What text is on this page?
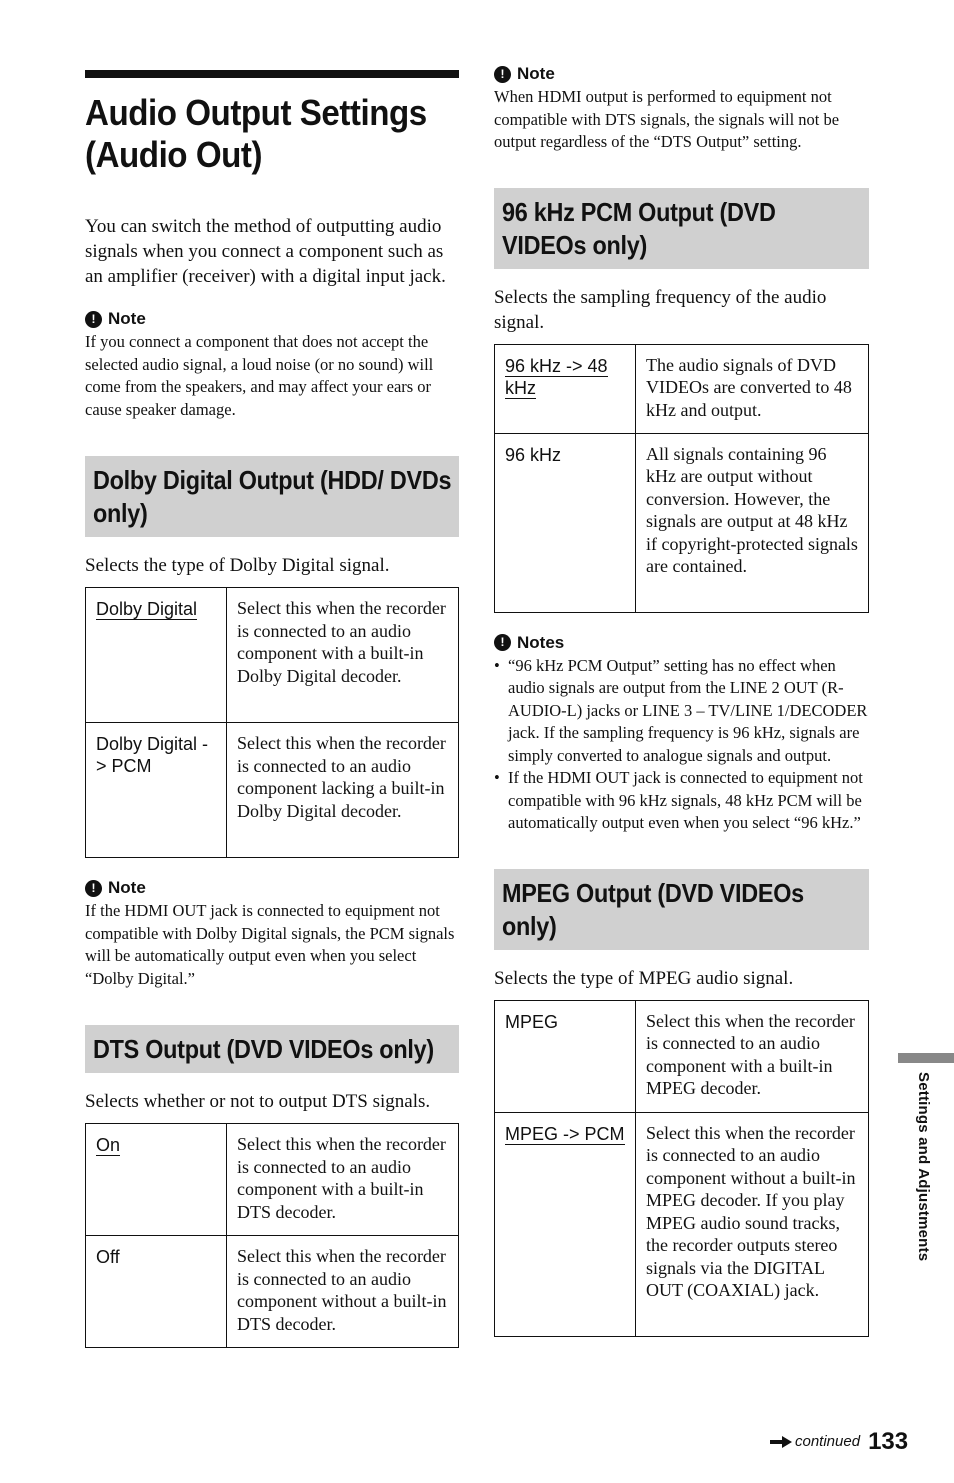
Audio Output Settings (Audio Out)

You can switch the method of outputting audio signals when you connect a component such as an amplifier (receiver) with a digital input jack.

! Note
If you connect a component that does not accept the selected audio signal, a loud noise (or no sound) will come from the speakers, and may affect your ears or cause speaker damage.
Dolby Digital Output (HDD/ DVDs only)

Selects the type of Dolby Digital signal.

Dolby Digital	Select this when the recorder is connected to an audio component with a built-in Dolby Digital decoder.
Dolby Digital -> PCM	Select this when the recorder is connected to an audio component lacking a built-in Dolby Digital decoder.
! Note
If the HDMI OUT jack is connected to equipment not compatible with Dolby Digital signals, the PCM signals will be automatically output even when you select “Dolby Digital.”
DTS Output (DVD VIDEOs only)

Selects whether or not to output DTS signals.

On	Select this when the recorder is connected to an audio component with a built-in DTS decoder.
Off	Select this when the recorder is connected to an audio component without a built-in DTS decoder.
! Note
When HDMI output is performed to equipment not compatible with DTS signals, the signals will not be output regardless of the “DTS Output” setting.
96 kHz PCM Output (DVD VIDEOs only)

Selects the sampling frequency of the audio signal.

96 kHz -> 48 kHz	The audio signals of DVD VIDEOs are converted to 48 kHz and output.
96 kHz	All signals containing 96 kHz are output without conversion. However, the signals are output at 48 kHz if copyright-protected signals are contained.
! Notes
• “96 kHz PCM Output” setting has no effect when audio signals are output from the LINE 2 OUT (R-AUDIO-L) jacks or LINE 3 – TV/LINE 1/DECODER jack. If the sampling frequency is 96 kHz, signals are simply converted to analogue signals and output.
• If the HDMI OUT jack is connected to equipment not compatible with 96 kHz signals, 48 kHz PCM will be automatically output even when you select “96 kHz.”
MPEG Output (DVD VIDEOs only)

Selects the type of MPEG audio signal.

MPEG	Select this when the recorder is connected to an audio component with a built-in MPEG decoder.
MPEG -> PCM	Select this when the recorder is connected to an audio component without a built-in MPEG decoder. If you play MPEG audio sound tracks, the recorder outputs stereo signals via the DIGITAL OUT (COAXIAL) jack.
Settings and Adjustments
continued 133
